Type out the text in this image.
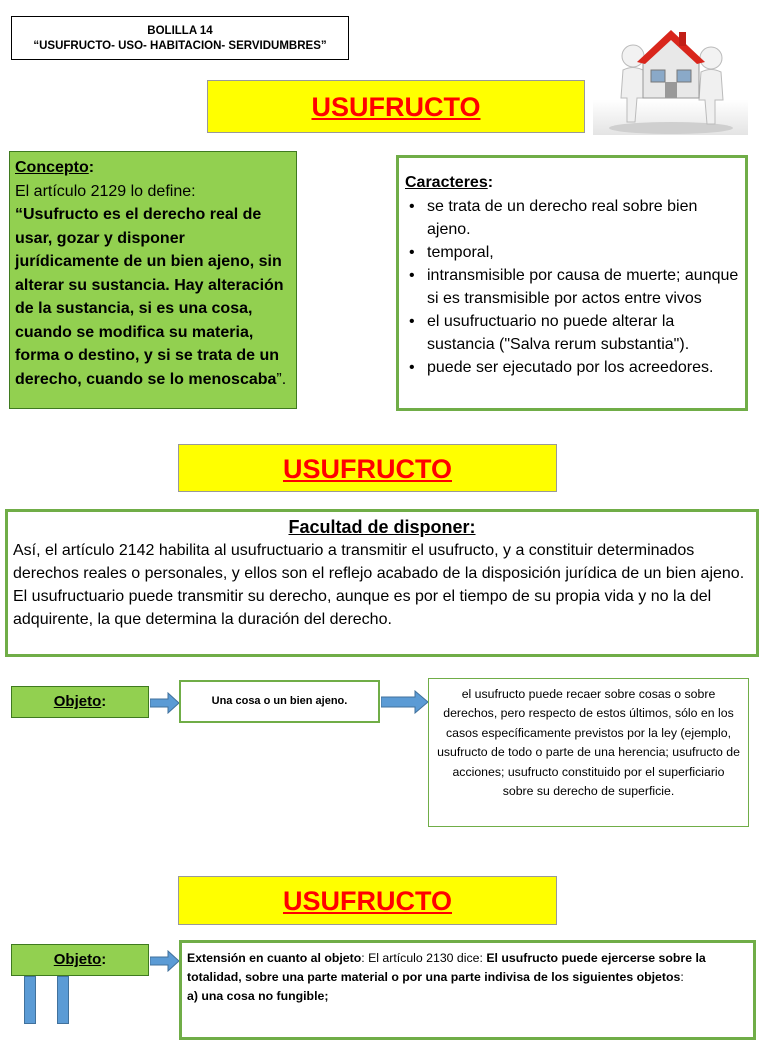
BOLILLA 14
“USUFRUCTO- USO- HABITACION- SERVIDUMBRES”
USUFRUCTO
Concepto:
El artículo 2129 lo define:
“Usufructo es el derecho real de usar, gozar y disponer jurídicamente de un bien ajeno, sin alterar su sustancia. Hay alteración de la sustancia, si es una cosa, cuando se modifica su materia, forma o destino, y si se trata de un derecho, cuando se lo menoscaba”.
Caracteres:
• se trata de un derecho real sobre bien ajeno.
• temporal,
• intransmisible por causa de muerte; aunque si es transmisible por actos entre vivos
• el usufructuario no puede alterar la sustancia ("Salva rerum substantia").
• puede ser ejecutado por los acreedores.
USUFRUCTO
Facultad de disponer:
Así, el artículo 2142 habilita al usufructuario a transmitir el usufructo, y a constituir determinados derechos reales o personales, y ellos son el reflejo acabado de la disposición jurídica de un bien ajeno.
El usufructuario puede transmitir su derecho, aunque es por el tiempo de su propia vida y no la del adquirente, la que determina la duración del derecho.
Objeto:	Una cosa o un bien ajeno.	el usufructo puede recaer sobre cosas o sobre derechos, pero respecto de estos últimos, sólo en los casos específicamente previstos por la ley (ejemplo, usufructo de todo o parte de una herencia; usufructo de acciones; usufructo constituido por el superficiario sobre su derecho de superficie.
USUFRUCTO
Objeto:	Extensión en cuanto al objeto: El artículo 2130 dice: El usufructo puede ejercerse sobre la totalidad, sobre una parte material o por una parte indivisa de los siguientes objetos:
a) una cosa no fungible;
